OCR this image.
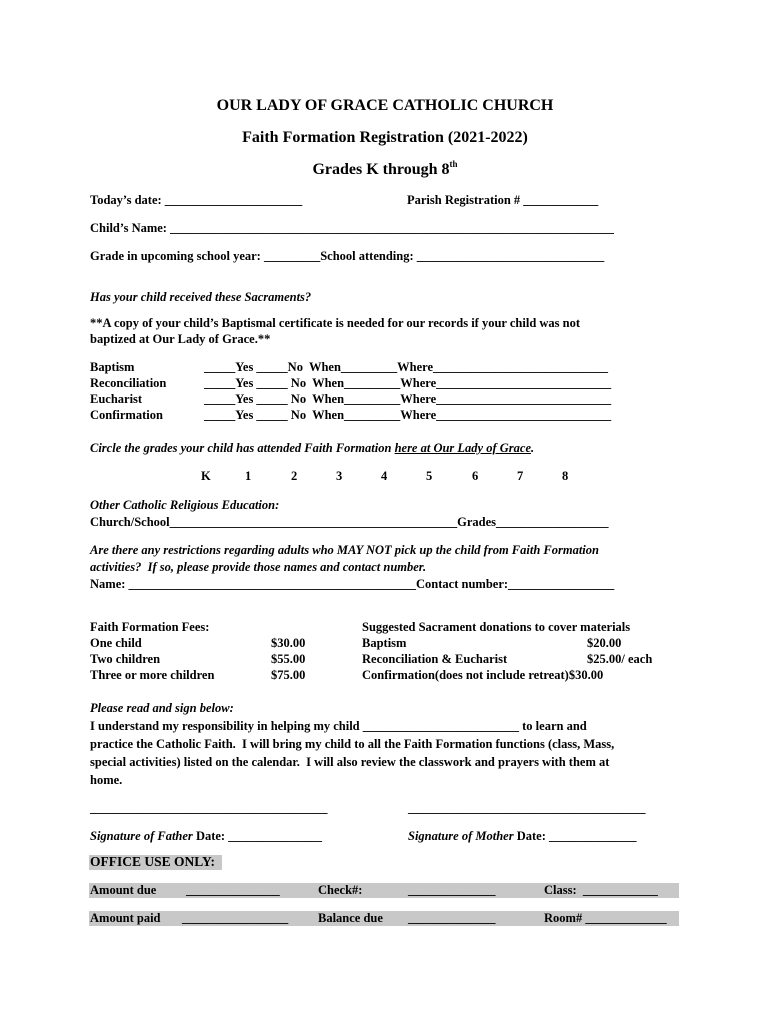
OUR LADY OF GRACE CATHOLIC CHURCH
Faith Formation Registration (2021-2022)
Grades K through 8th
Today’s date: ______________________	Parish Registration # ____________
Child’s Name: _______________________________________________________________________
Grade in upcoming school year: _________School attending: ______________________________
Has your child received these Sacraments?
**A copy of your child’s Baptismal certificate is needed for our records if your child was not
baptized at Our Lady of Grace.**
Baptism	_____Yes _____No  When_________Where____________________________
Reconciliation	_____Yes _____ No  When_________Where____________________________
Eucharist	_____Yes _____ No  When_________Where____________________________
Confirmation	_____Yes _____ No  When_________Where____________________________
Circle the grades your child has attended Faith Formation here at Our Lady of Grace.
K	1	2	3	4	5	6	7	8
Other Catholic Religious Education:
Church/School______________________________________________Grades__________________
Are there any restrictions regarding adults who MAY NOT pick up the child from Faith Formation
activities?  If so, please provide those names and contact number.
Name: ______________________________________________Contact number:_________________
Faith Formation Fees:
One child	$30.00
Two children	$55.00
Three or more children	$75.00
Suggested Sacrament donations to cover materials
Baptism	$20.00
Reconciliation & Eucharist	$25.00/ each
Confirmation(does not include retreat)$30.00
Please read and sign below:
I understand my responsibility in helping my child _________________________ to learn and
practice the Catholic Faith.  I will bring my child to all the Faith Formation functions (class, Mass,
special activities) listed on the calendar.  I will also review the classwork and prayers with them at
home.
______________________________________	______________________________________
Signature of Father Date: _______________	Signature of Mother Date: ______________
OFFICE USE ONLY:
Amount due _______________	Check#:	______________	Class:  ____________
Amount paid _________________ Balance due ______________	Room# _____________
